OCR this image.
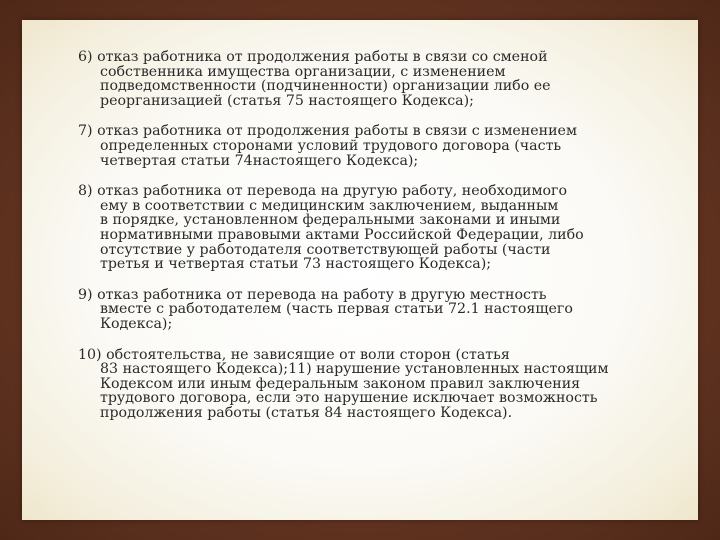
6) отказ работника от продолжения работы в связи со сменой
собственника имущества организации, с изменением
подведомственности (подчиненности) организации либо ее
реорганизацией (статья 75 настоящего Кодекса);
7) отказ работника от продолжения работы в связи с изменением
определенных сторонами условий трудового договора (часть
четвертая статьи 74настоящего Кодекса);
8) отказ работника от перевода на другую работу, необходимого
ему в соответствии с медицинским заключением, выданным
в порядке, установленном федеральными законами и иными
нормативными правовыми актами Российской Федерации, либо
отсутствие у работодателя соответствующей работы (части
третья и четвертая статьи 73 настоящего Кодекса);
9) отказ работника от перевода на работу в другую местность
вместе с работодателем (часть первая статьи 72.1 настоящего
Кодекса);
10) обстоятельства, не зависящие от воли сторон (статья
83 настоящего Кодекса);11) нарушение установленных настоящим
Кодексом или иным федеральным законом правил заключения
трудового договора, если это нарушение исключает возможность
продолжения работы (статья 84 настоящего Кодекса).
